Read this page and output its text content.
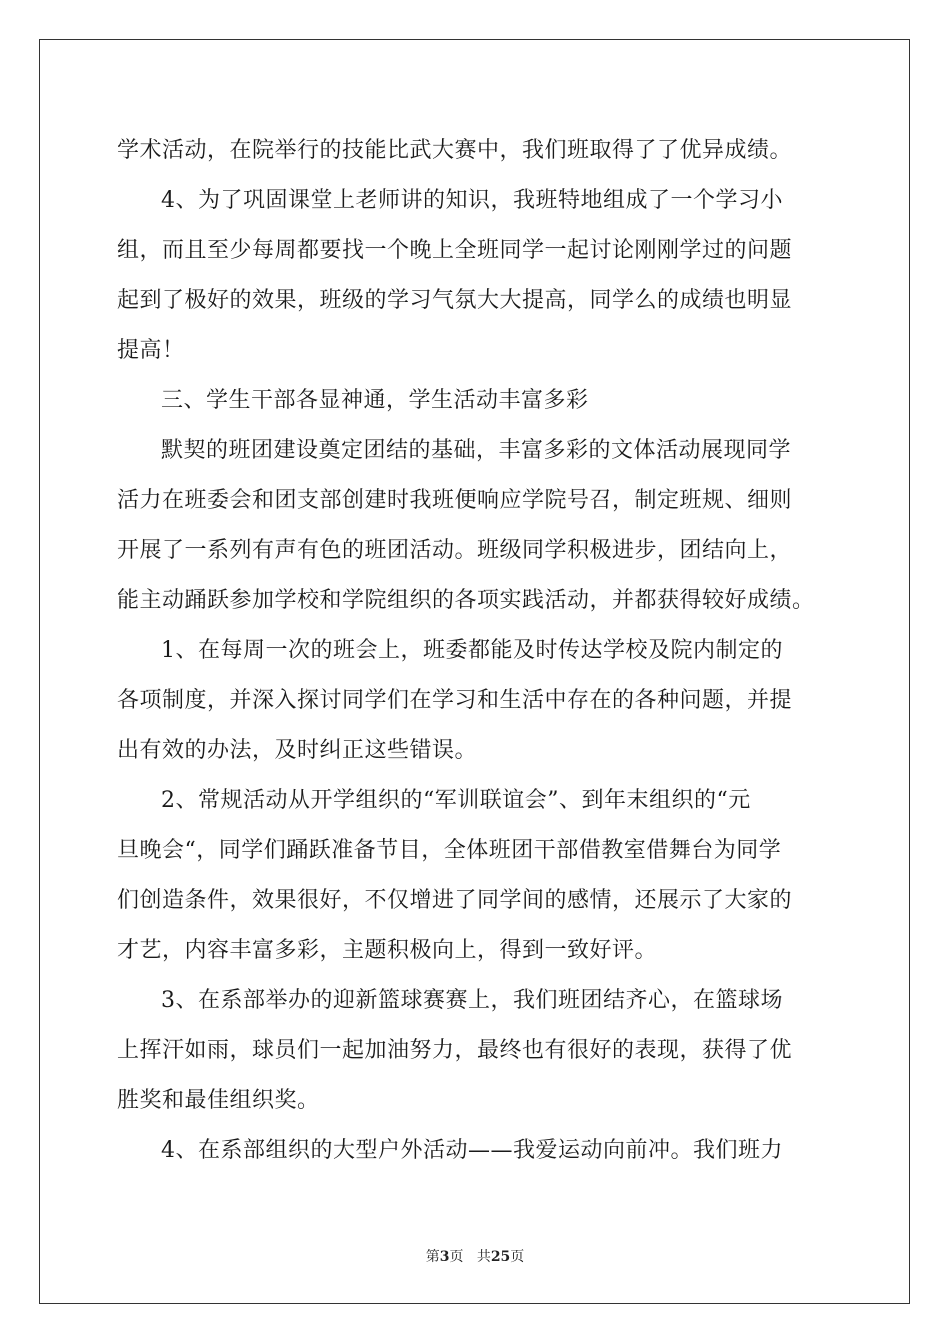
学术活动，在院举行的技能比武大赛中，我们班取得了了优异成绩。
4、为了巩固课堂上老师讲的知识，我班特地组成了一个学习小
组，而且至少每周都要找一个晚上全班同学一起讨论刚刚学过的问题
起到了极好的效果，班级的学习气氛大大提高，同学么的成绩也明显
提高！
三、学生干部各显神通，学生活动丰富多彩
默契的班团建设奠定团结的基础，丰富多彩的文体活动展现同学
活力在班委会和团支部创建时我班便响应学院号召，制定班规、细则
开展了一系列有声有色的班团活动。班级同学积极进步，团结向上，
能主动踊跃参加学校和学院组织的各项实践活动，并都获得较好成绩。
1、在每周一次的班会上，班委都能及时传达学校及院内制定的
各项制度，并深入探讨同学们在学习和生活中存在的各种问题，并提
出有效的办法，及时纠正这些错误。
2、常规活动从开学组织的“军训联谊会”、到年末组织的“元
旦晚会“，同学们踊跃准备节目，全体班团干部借教室借舞台为同学
们创造条件，效果很好，不仅增进了同学间的感情，还展示了大家的
才艺，内容丰富多彩，主题积极向上，得到一致好评。
3、在系部举办的迎新篮球赛赛上，我们班团结齐心，在篮球场
上挥汗如雨，球员们一起加油努力，最终也有很好的表现，获得了优
胜奖和最佳组织奖。
4、在系部组织的大型户外活动——我爱运动向前冲。我们班力
第3页 共25页
